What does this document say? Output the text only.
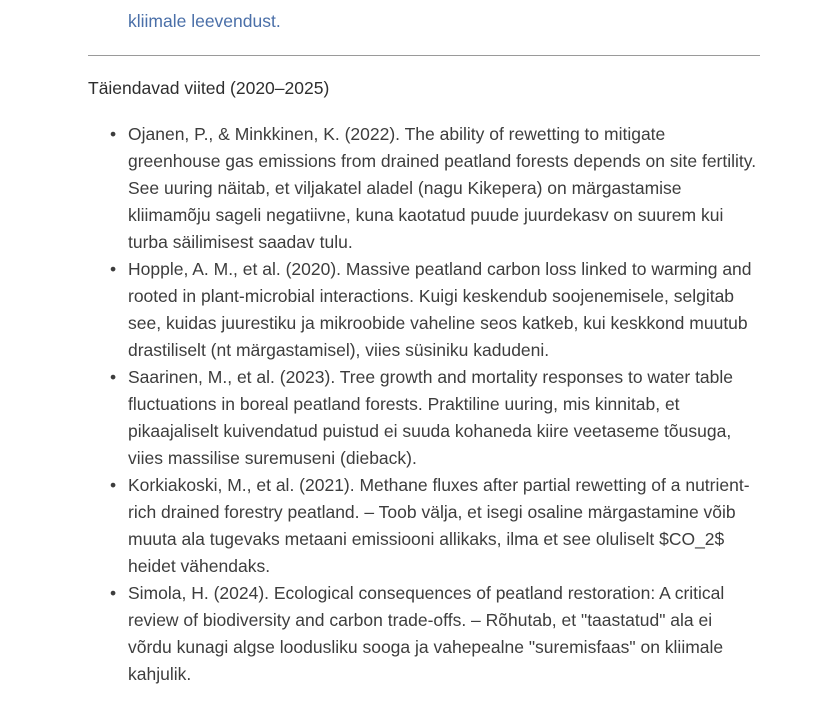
kliimale leevendust.

Täiendavad viited (2020–2025)
• Ojanen, P., & Minkkinen, K. (2022). The ability of rewetting to mitigate greenhouse gas emissions from drained peatland forests depends on site fertility. See uuring näitab, et viljakatel aladel (nagu Kikepera) on märgastamise kliimamõju sageli negatiivne, kuna kaotatud puude juurdekasv on suurem kui turba säilimisest saadav tulu.
• Hopple, A. M., et al. (2020). Massive peatland carbon loss linked to warming and rooted in plant-microbial interactions. Kuigi keskendub soojenemisele, selgitab see, kuidas juurestiku ja mikroobide vaheline seos katkeb, kui keskkond muutub drastiliselt (nt märgastamisel), viies süsiniku kadudeni.
• Saarinen, M., et al. (2023). Tree growth and mortality responses to water table fluctuations in boreal peatland forests. Praktiline uuring, mis kinnitab, et pikaajaliselt kuivendatud puistud ei suuda kohaneda kiire veetaseme tõusuga, viies massilise suremuseni (dieback).
• Korkiakoski, M., et al. (2021). Methane fluxes after partial rewetting of a nutrient-rich drained forestry peatland. – Toob välja, et isegi osaline märgastamine võib muuta ala tugevaks metaani emissiooni allikaks, ilma et see oluliselt $CO_2$ heidet vähendaks.
• Simola, H. (2024). Ecological consequences of peatland restoration: A critical review of biodiversity and carbon trade-offs. – Rõhutab, et "taastatud" ala ei võrdu kunagi algse loodusliku sooga ja vahepealne "suremisfaas" on kliimale kahjulik.
